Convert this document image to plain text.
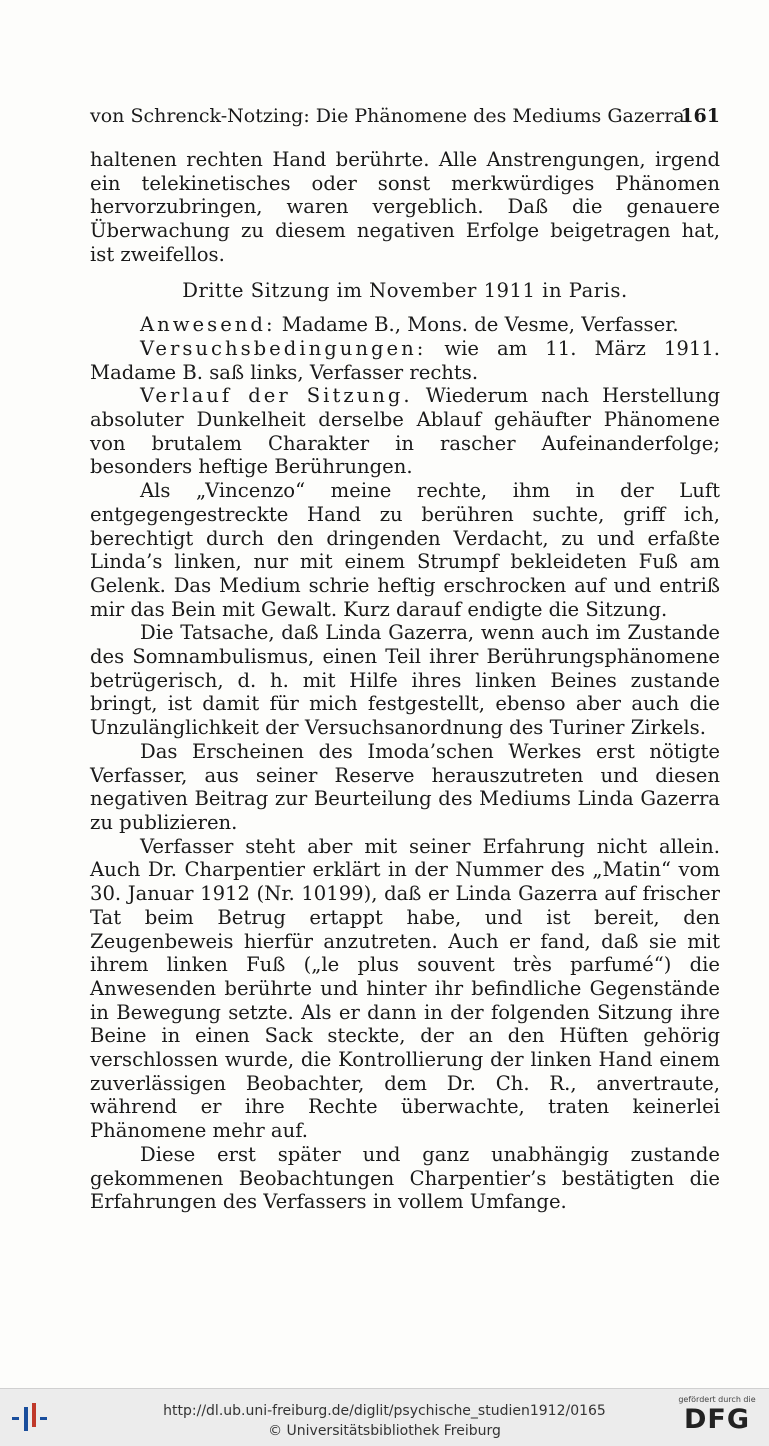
von Schrenck-Notzing: Die Phänomene des Mediums Gazerra.
161

haltenen rechten Hand berührte. Alle Anstrengungen, irgend ein telekinetisches oder sonst merkwürdiges Phänomen hervorzubringen, waren vergeblich. Daß die genauere Überwachung zu diesem negativen Erfolge beigetragen hat, ist zweifellos.

Dritte Sitzung im November 1911 in Paris.

Anwesend: Madame B., Mons. de Vesme, Verfasser.

Versuchsbedingungen: wie am 11. März 1911. Madame B. saß links, Verfasser rechts.

Verlauf der Sitzung. Wiederum nach Herstellung absoluter Dunkelheit derselbe Ablauf gehäufter Phänomene von brutalem Charakter in rascher Aufeinanderfolge; besonders heftige Berührungen.

Als „Vincenzo“ meine rechte, ihm in der Luft entgegengestreckte Hand zu berühren suchte, griff ich, berechtigt durch den dringenden Verdacht, zu und erfaßte Linda’s linken, nur mit einem Strumpf bekleideten Fuß am Gelenk. Das Medium schrie heftig erschrocken auf und entriß mir das Bein mit Gewalt. Kurz darauf endigte die Sitzung.

Die Tatsache, daß Linda Gazerra, wenn auch im Zustande des Somnambulismus, einen Teil ihrer Berührungsphänomene betrügerisch, d. h. mit Hilfe ihres linken Beines zustande bringt, ist damit für mich festgestellt, ebenso aber auch die Unzulänglichkeit der Versuchsanordnung des Turiner Zirkels.

Das Erscheinen des Imoda’schen Werkes erst nötigte Verfasser, aus seiner Reserve herauszutreten und diesen negativen Beitrag zur Beurteilung des Mediums Linda Gazerra zu publizieren.

Verfasser steht aber mit seiner Erfahrung nicht allein. Auch Dr. Charpentier erklärt in der Nummer des „Matin“ vom 30. Januar 1912 (Nr. 10199), daß er Linda Gazerra auf frischer Tat beim Betrug ertappt habe, und ist bereit, den Zeugenbeweis hierfür anzutreten. Auch er fand, daß sie mit ihrem linken Fuß („le plus souvent très parfumé“) die Anwesenden berührte und hinter ihr befindliche Gegenstände in Bewegung setzte. Als er dann in der folgenden Sitzung ihre Beine in einen Sack steckte, der an den Hüften gehörig verschlossen wurde, die Kontrollierung der linken Hand einem zuverlässigen Beobachter, dem Dr. Ch. R., anvertraute, während er ihre Rechte überwachte, traten keinerlei Phänomene mehr auf.

Diese erst später und ganz unabhängig zustande gekommenen Beobachtungen Charpentier’s bestätigten die Erfahrungen des Verfassers in vollem Umfange.

http://dl.ub.uni-freiburg.de/diglit/psychische_studien1912/0165
© Universitätsbibliothek Freiburg
gefördert durch die
DFG
